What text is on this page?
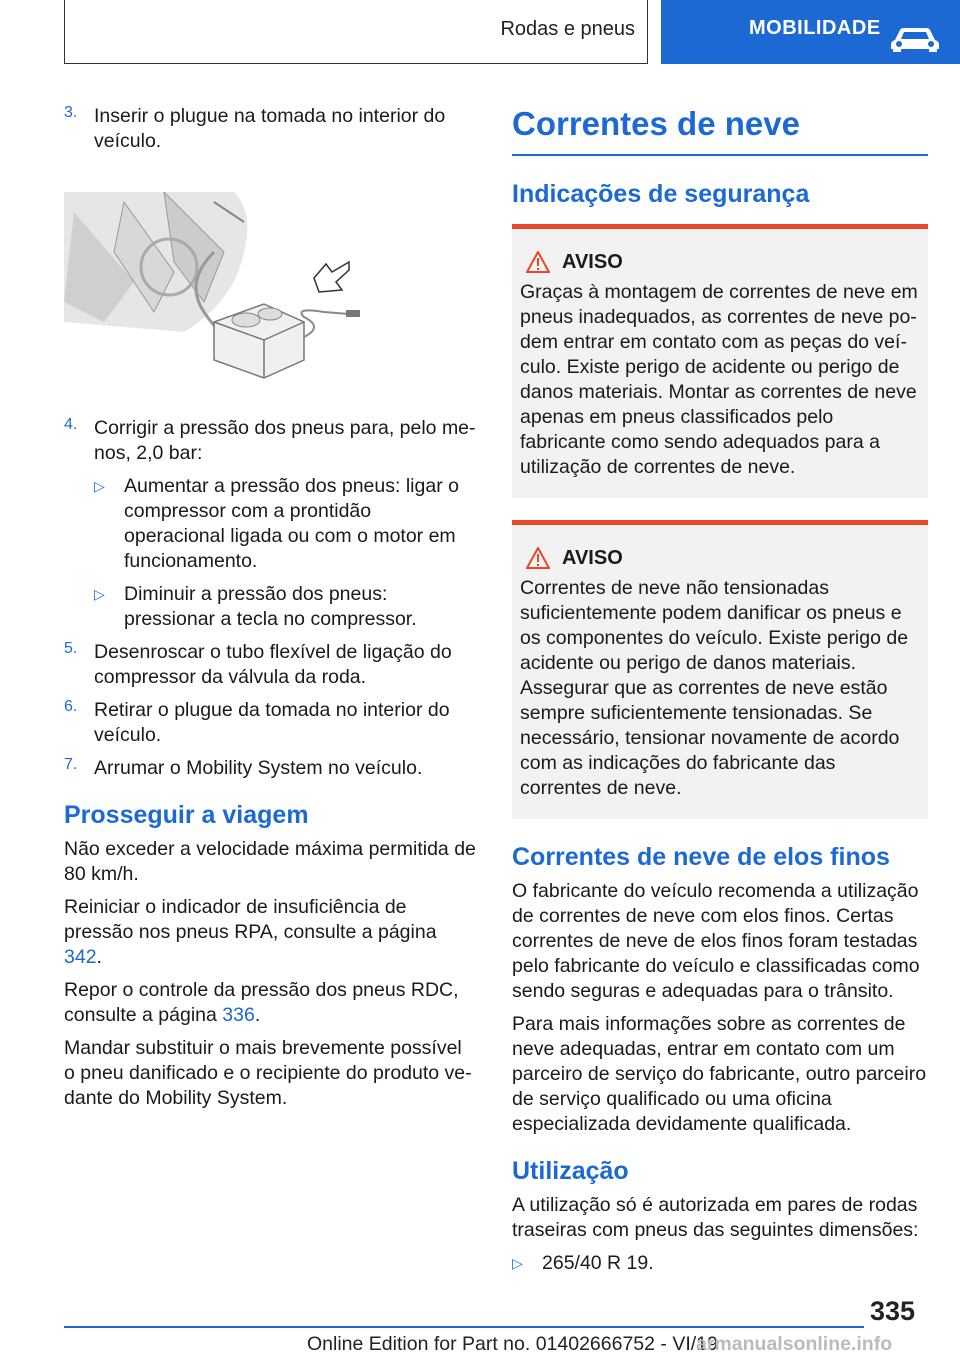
Rodas e pneus	MOBILIDADE
3. Inserir o plugue na tomada no interior do veículo.

4. Corrigir a pressão dos pneus para, pelo menos, 2,0 bar:

▷ Aumentar a pressão dos pneus: ligar o compressor com a prontidão operacional ligada ou com o motor em funcionamento.

▷ Diminuir a pressão dos pneus: pressionar a tecla no compressor.

5. Desenroscar o tubo flexível de ligação do compressor da válvula da roda.

6. Retirar o plugue da tomada no interior do veículo.

7. Arrumar o Mobility System no veículo.

Prosseguir a viagem

Não exceder a velocidade máxima permitida de 80 km/h.

Reiniciar o indicador de insuficiência de pressão nos pneus RPA, consulte a página 342.

Repor o controle da pressão dos pneus RDC, consulte a página 336.

Mandar substituir o mais brevemente possível o pneu danificado e o recipiente do produto vedante do Mobility System.

Correntes de neve
Indicações de segurança
AVISO

Graças à montagem de correntes de neve em pneus inadequados, as correntes de neve podem entrar em contato com as peças do veículo. Existe perigo de acidente ou perigo de danos materiais. Montar as correntes de neve apenas em pneus classificados pelo fabricante como sendo adequados para a utilização de correntes de neve.

AVISO

Correntes de neve não tensionadas suficientemente podem danificar os pneus e os componentes do veículo. Existe perigo de acidente ou perigo de danos materiais. Assegurar que as correntes de neve estão sempre suficientemente tensionadas. Se necessário, tensionar novamente de acordo com as indicações do fabricante das correntes de neve.

Correntes de neve de elos finos

O fabricante do veículo recomenda a utilização de correntes de neve com elos finos. Certas correntes de neve de elos finos foram testadas pelo fabricante do veículo e classificadas como sendo seguras e adequadas para o trânsito.

Para mais informações sobre as correntes de neve adequadas, entrar em contato com um parceiro de serviço do fabricante, outro parceiro de serviço qualificado ou uma oficina especializada devidamente qualificada.

Utilização

A utilização só é autorizada em pares de rodas traseiras com pneus das seguintes dimensões:

▷ 265/40 R 19.

335
Online Edition for Part no. 01402666752 - VI/19
armanualsonline.info
